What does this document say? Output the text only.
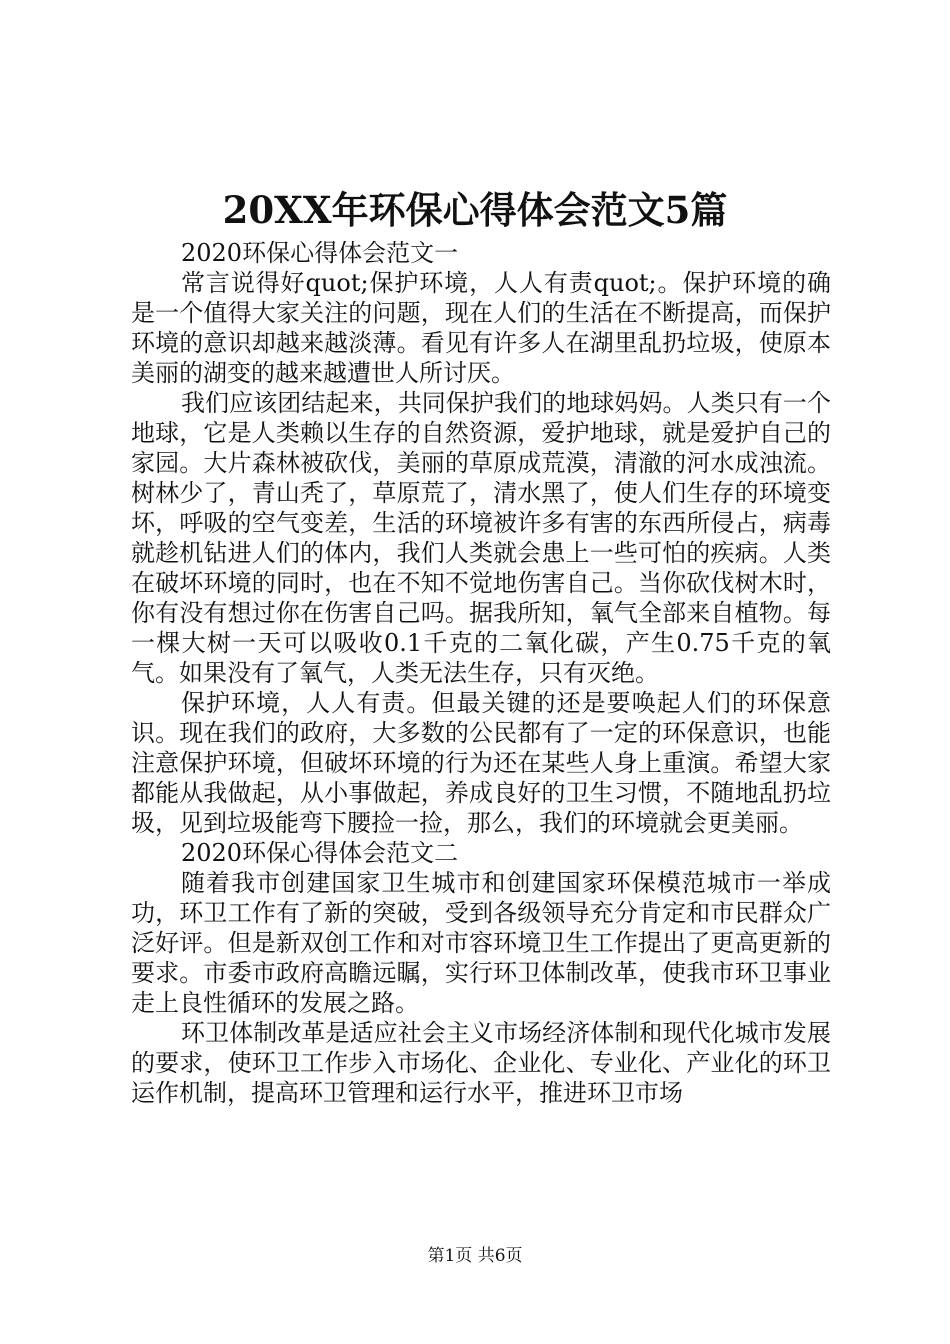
20XX年环保心得体会范文5篇

2020环保心得体会范文一

常言说得好quot;保护环境，人人有责quot;。保护环境的确是一个值得大家关注的问题，现在人们的生活在不断提高，而保护环境的意识却越来越淡薄。看见有许多人在湖里乱扔垃圾，使原本美丽的湖变的越来越遭世人所讨厌。

我们应该团结起来，共同保护我们的地球妈妈。人类只有一个地球，它是人类赖以生存的自然资源，爱护地球，就是爱护自己的家园。大片森林被砍伐，美丽的草原成荒漠，清澈的河水成浊流。树林少了，青山秃了，草原荒了，清水黑了，使人们生存的环境变坏，呼吸的空气变差，生活的环境被许多有害的东西所侵占，病毒就趁机钻进人们的体内，我们人类就会患上一些可怕的疾病。人类在破坏环境的同时，也在不知不觉地伤害自己。当你砍伐树木时，你有没有想过你在伤害自己吗。据我所知，氧气全部来自植物。每一棵大树一天可以吸收0.1千克的二氧化碳，产生0.75千克的氧气。如果没有了氧气，人类无法生存，只有灭绝。

保护环境，人人有责。但最关键的还是要唤起人们的环保意识。现在我们的政府，大多数的公民都有了一定的环保意识，也能注意保护环境，但破坏环境的行为还在某些人身上重演。希望大家都能从我做起，从小事做起，养成良好的卫生习惯，不随地乱扔垃圾，见到垃圾能弯下腰捡一捡，那么，我们的环境就会更美丽。

2020环保心得体会范文二

随着我市创建国家卫生城市和创建国家环保模范城市一举成功，环卫工作有了新的突破，受到各级领导充分肯定和市民群众广泛好评。但是新双创工作和对市容环境卫生工作提出了更高更新的要求。市委市政府高瞻远瞩，实行环卫体制改革，使我市环卫事业走上良性循环的发展之路。

环卫体制改革是适应社会主义市场经济体制和现代化城市发展的要求，使环卫工作步入市场化、企业化、专业化、产业化的环卫运作机制，提高环卫管理和运行水平，推进环卫市场

第1页 共6页
